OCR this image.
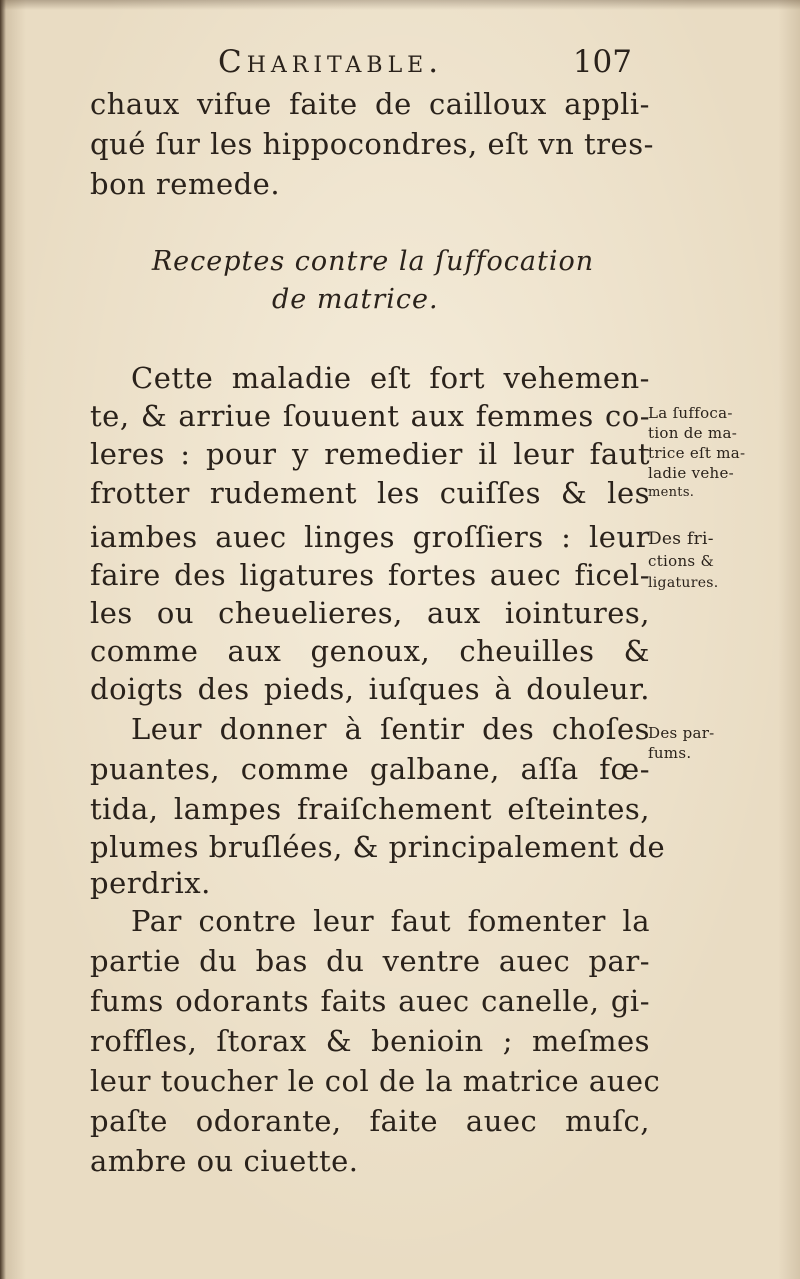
Charitable.	107
chaux vifue faite de cailloux appli-
qué ſur les hippocondres, eſt vn tres-
bon remede.
Receptes contre la ſuffocation
de matrice.
Cette maladie eſt fort vehemen-
te, & arriue ſouuent aux femmes co-
leres : pour y remedier il leur faut
frotter rudement les cuiſſes & les
iambes auec linges groſſiers : leur
faire des ligatures fortes auec ficel-
les ou cheuelieres, aux iointures,
comme aux genoux, cheuilles &
doigts des pieds, iuſques à douleur.
Leur donner à ſentir des choſes
puantes, comme galbane, aſſa fœ-
tida, lampes fraiſchement eſteintes,
plumes bruſlées, & principalement de
perdrix.
Par contre leur faut fomenter la
partie du bas du ventre auec par-
fums odorants faits auec canelle, gi-
roffles, ſtorax & benioin ; meſmes
leur toucher le col de la matrice auec
paſte odorante, faite auec muſc,
ambre ou ciuette.
La ſuffoca-
tion de ma-
trice eſt ma-
ladie vehe-
ments.
Des fri-
ctions &
ligatures.
Des par-
fums.
